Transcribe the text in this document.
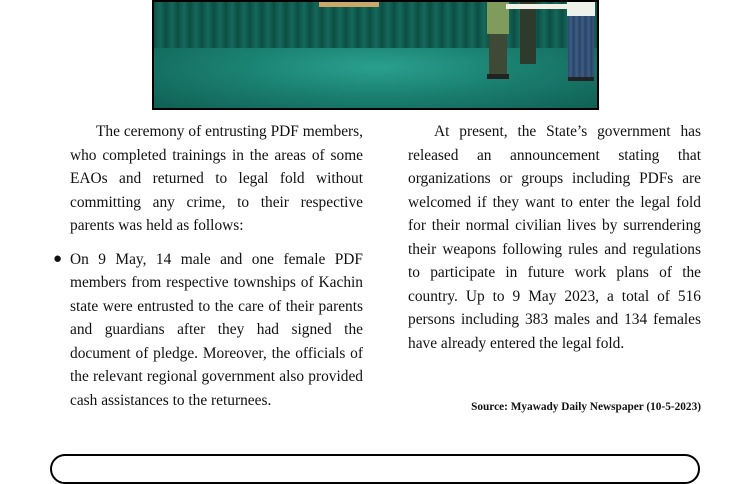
The ceremony of entrusting PDF members, who completed trainings in the areas of some EAOs and returned to legal fold without committing any crime, to their respective parents was held as follows:

● On 9 May, 14 male and one female PDF members from respective townships of Kachin state were entrusted to the care of their parents and guardians after they had signed the document of pledge. Moreover, the officials of the relevant regional government also provided cash assistances to the returnees.

At present, the State’s government has released an announcement stating that organizations or groups including PDFs are welcomed if they want to enter the legal fold for their normal civilian lives by surrendering their weapons following rules and regulations to participate in future work plans of the country. Up to 9 May 2023, a total of 516 persons including 383 males and 134 females have already entered the legal fold.

Source: Myawady Daily Newspaper (10-5-2023)
